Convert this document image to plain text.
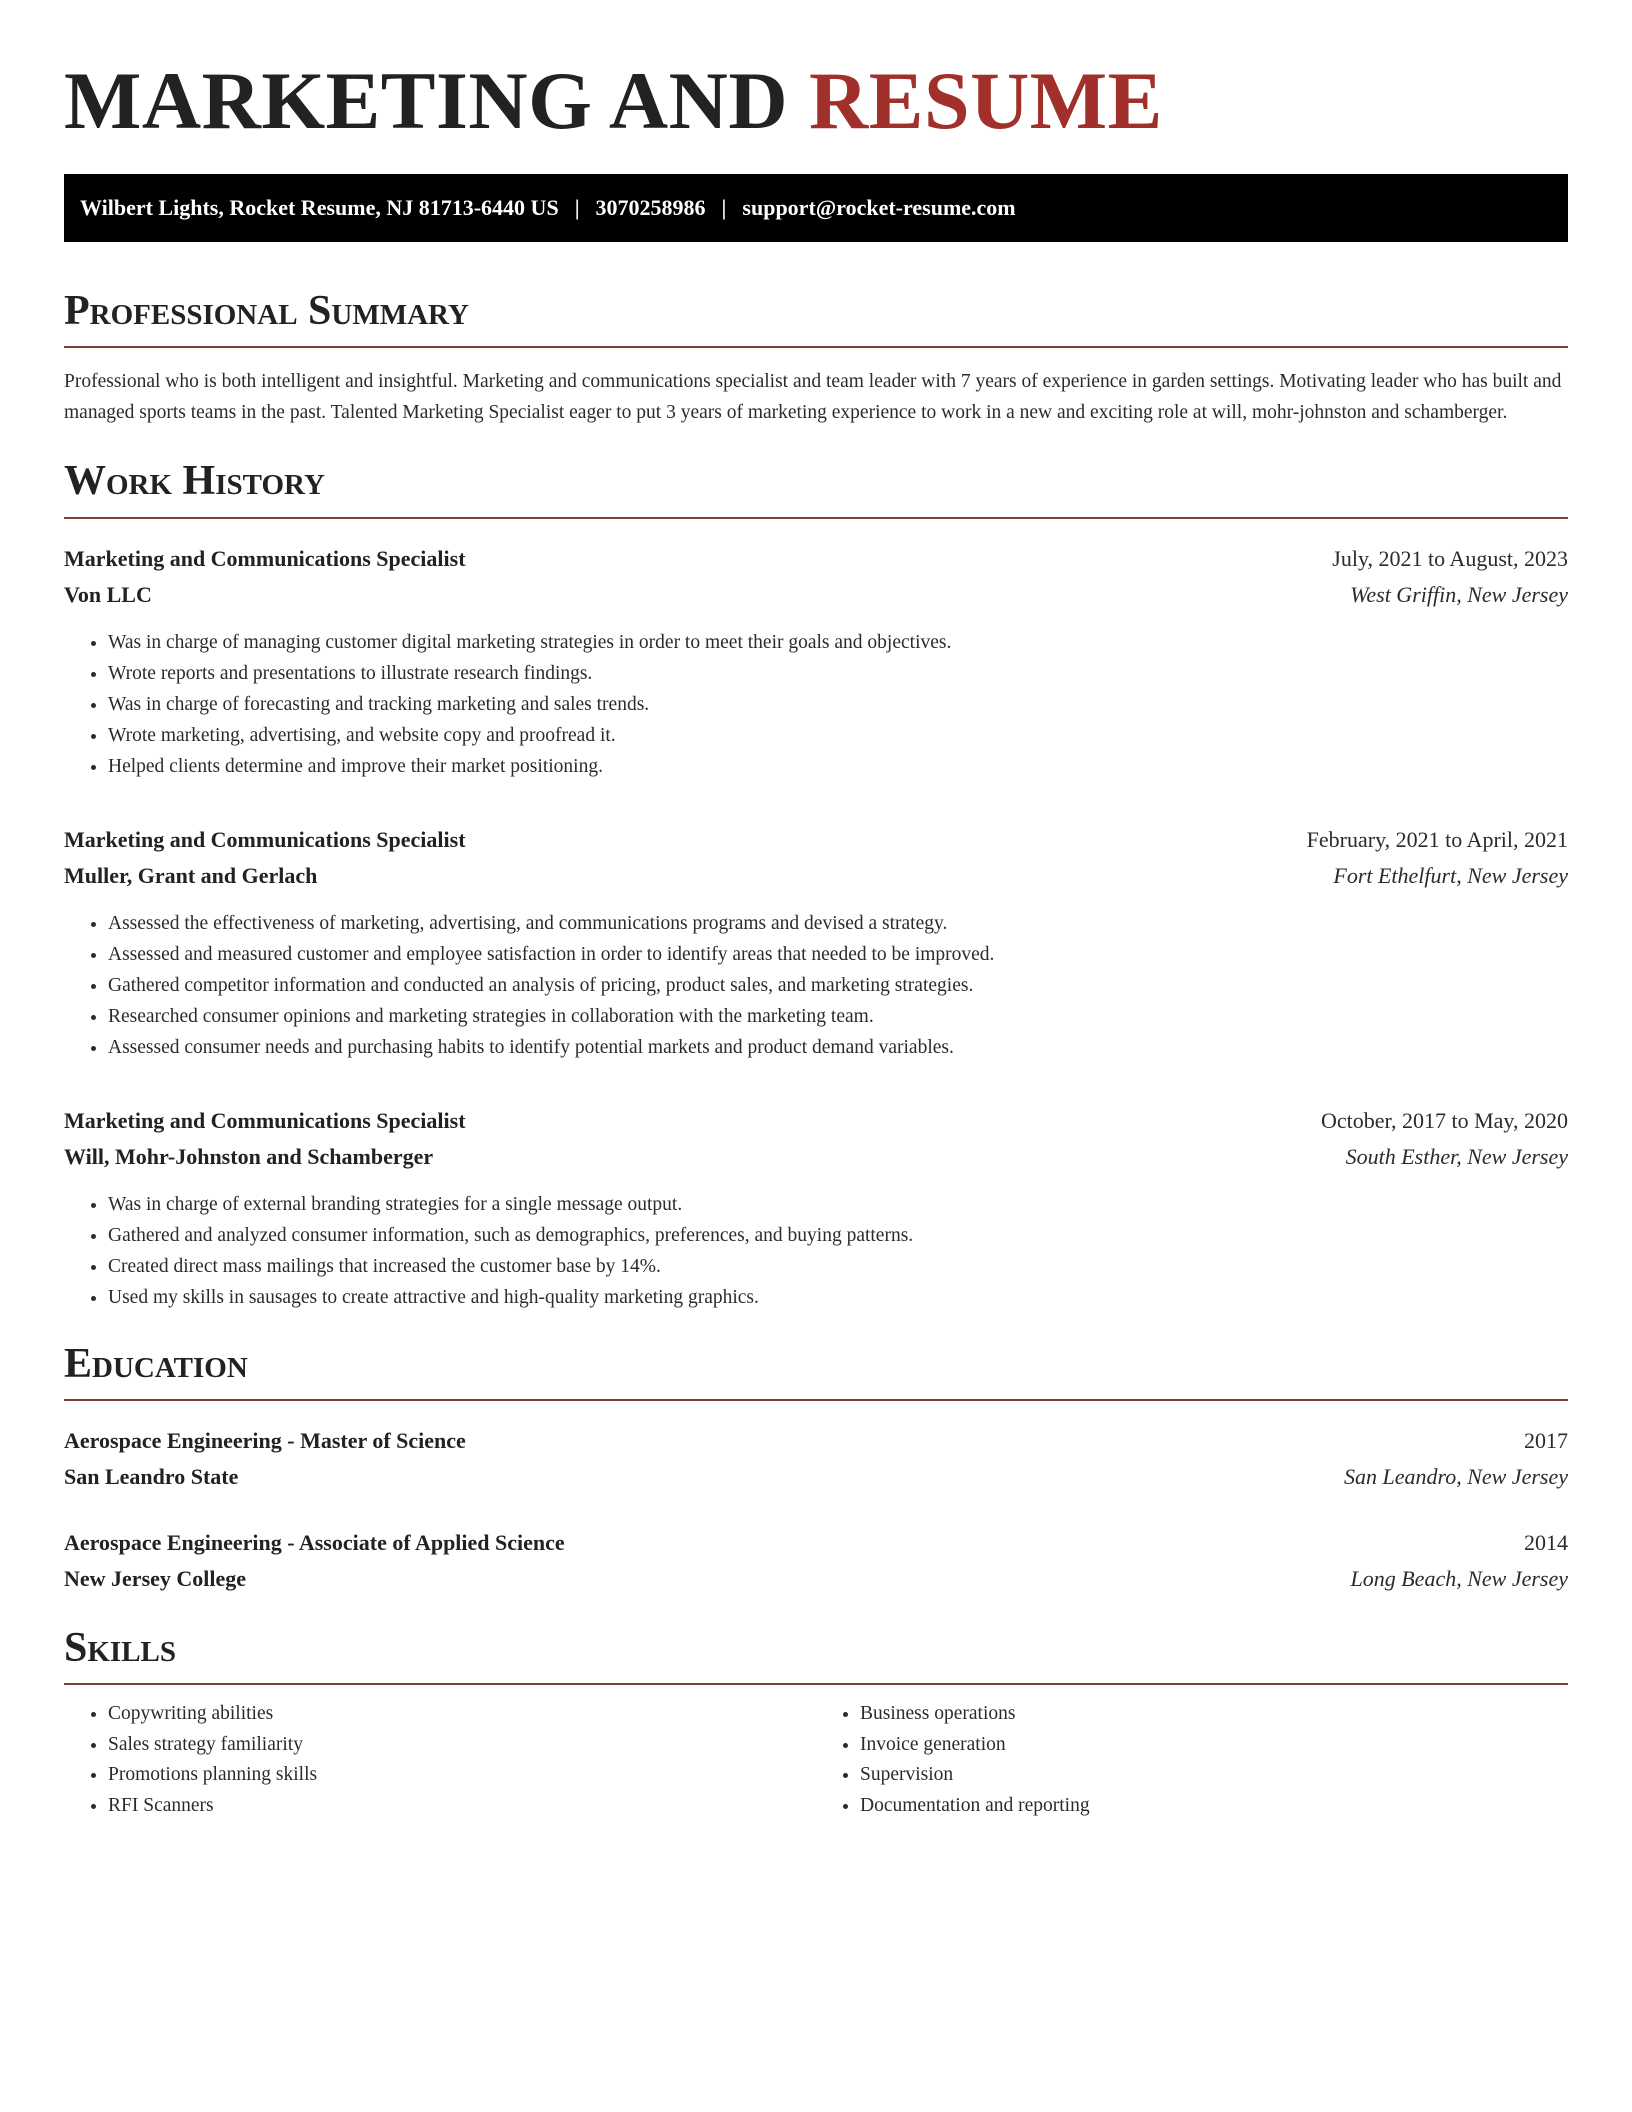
MARKETING AND RESUME
Wilbert Lights, Rocket Resume, NJ 81713-6440 US | 3070258986 | support@rocket-resume.com
Professional Summary

Professional who is both intelligent and insightful. Marketing and communications specialist and team leader with 7 years of experience in garden settings. Motivating leader who has built and managed sports teams in the past. Talented Marketing Specialist eager to put 3 years of marketing experience to work in a new and exciting role at will, mohr-johnston and schamberger.

Work History
Marketing and Communications Specialist	July, 2021 to August, 2023
Von LLC	West Griffin, New Jersey
• Was in charge of managing customer digital marketing strategies in order to meet their goals and objectives.
• Wrote reports and presentations to illustrate research findings.
• Was in charge of forecasting and tracking marketing and sales trends.
• Wrote marketing, advertising, and website copy and proofread it.
• Helped clients determine and improve their market positioning.
Marketing and Communications Specialist	February, 2021 to April, 2021
Muller, Grant and Gerlach	Fort Ethelfurt, New Jersey
• Assessed the effectiveness of marketing, advertising, and communications programs and devised a strategy.
• Assessed and measured customer and employee satisfaction in order to identify areas that needed to be improved.
• Gathered competitor information and conducted an analysis of pricing, product sales, and marketing strategies.
• Researched consumer opinions and marketing strategies in collaboration with the marketing team.
• Assessed consumer needs and purchasing habits to identify potential markets and product demand variables.
Marketing and Communications Specialist	October, 2017 to May, 2020
Will, Mohr-Johnston and Schamberger	South Esther, New Jersey
• Was in charge of external branding strategies for a single message output.
• Gathered and analyzed consumer information, such as demographics, preferences, and buying patterns.
• Created direct mass mailings that increased the customer base by 14%.
• Used my skills in sausages to create attractive and high-quality marketing graphics.
Education
Aerospace Engineering - Master of Science	2017
San Leandro State	San Leandro, New Jersey
Aerospace Engineering - Associate of Applied Science	2014
New Jersey College	Long Beach, New Jersey
Skills
• Copywriting abilities
• Sales strategy familiarity
• Promotions planning skills
• RFI Scanners
• Business operations
• Invoice generation
• Supervision
• Documentation and reporting
